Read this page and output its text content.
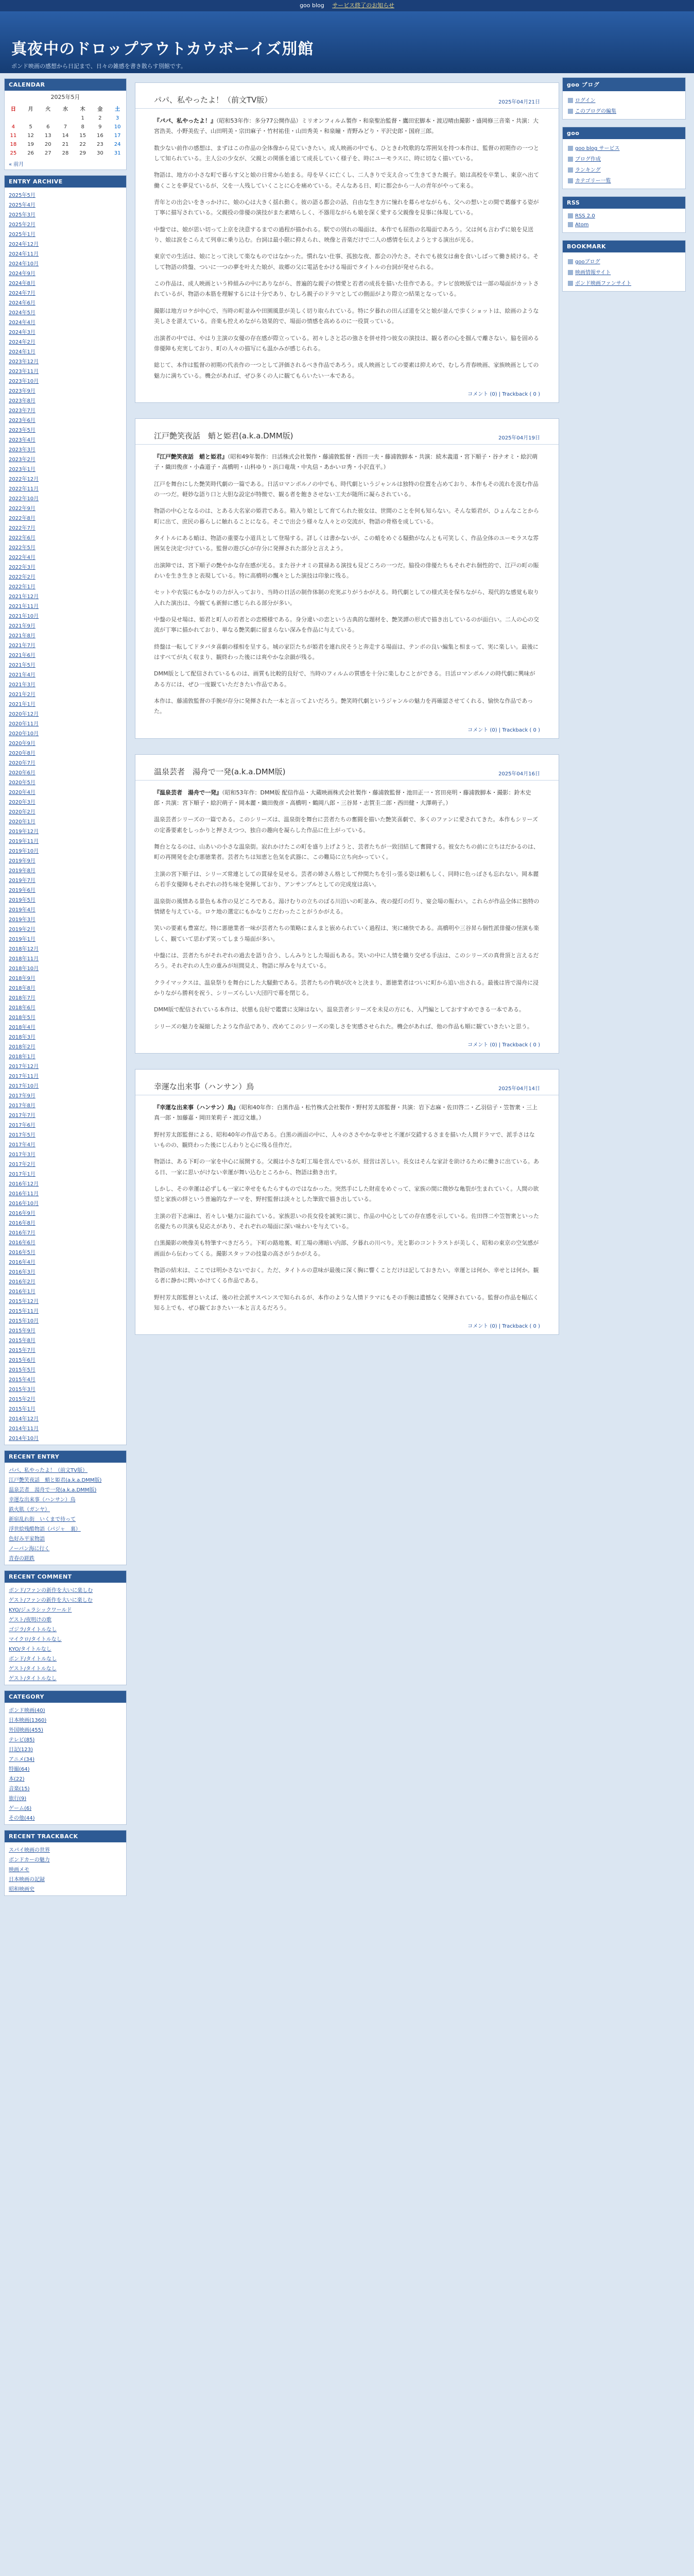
goo blog サービス終了のお知らせ
真夜中のドロップアウトカウボーイズ別館

ポンド映画の感想から日記まで、日々の雑感を書き散らす別館です。

CALENDAR
2025年5月
日	月	火	水	木	金	土
				1	2	3
4	5	6	7	8	9	10
11	12	13	14	15	16	17
18	19	20	21	22	23	24
25	26	27	28	29	30	31
« 前月
ENTRY ARCHIVE
2025年5月
2025年4月
2025年3月
2025年2月
2025年1月
2024年12月
2024年11月
2024年10月
2024年9月
2024年8月
2024年7月
2024年6月
2024年5月
2024年4月
2024年3月
2024年2月
2024年1月
2023年12月
2023年11月
2023年10月
2023年9月
2023年8月
2023年7月
2023年6月
2023年5月
2023年4月
2023年3月
2023年2月
2023年1月
2022年12月
2022年11月
2022年10月
2022年9月
2022年8月
2022年7月
2022年6月
2022年5月
2022年4月
2022年3月
2022年2月
2022年1月
2021年12月
2021年11月
2021年10月
2021年9月
2021年8月
2021年7月
2021年6月
2021年5月
2021年4月
2021年3月
2021年2月
2021年1月
2020年12月
2020年11月
2020年10月
2020年9月
2020年8月
2020年7月
2020年6月
2020年5月
2020年4月
2020年3月
2020年2月
2020年1月
2019年12月
2019年11月
2019年10月
2019年9月
2019年8月
2019年7月
2019年6月
2019年5月
2019年4月
2019年3月
2019年2月
2019年1月
2018年12月
2018年11月
2018年10月
2018年9月
2018年8月
2018年7月
2018年6月
2018年5月
2018年4月
2018年3月
2018年2月
2018年1月
2017年12月
2017年11月
2017年10月
2017年9月
2017年8月
2017年7月
2017年6月
2017年5月
2017年4月
2017年3月
2017年2月
2017年1月
2016年12月
2016年11月
2016年10月
2016年9月
2016年8月
2016年7月
2016年6月
2016年5月
2016年4月
2016年3月
2016年2月
2016年1月
2015年12月
2015年11月
2015年10月
2015年9月
2015年8月
2015年7月
2015年6月
2015年5月
2015年4月
2015年3月
2015年2月
2015年1月
2014年12月
2014年11月
2014年10月
RECENT ENTRY
パパ、私やったよ！（前文TV版）
江戸艶笑夜話　蛸と姫君(a.k.a.DMM版)
温泉芸者　湯舟で一発(a.k.a.DMM版)
幸運な出来事（ハンサン）鳥
鉄火肌（ガンヤ）
新宿乱れ街　いくまで待って
浮世絵残酷物語（パジャ　裏）
色好み平家物語
ノーパン海に行く
青春の蹉跌
RECENT COMMENT
ボンド/ファンの新作を大いに楽しむ
ゲスト/ファンの新作を大いに楽しむ
KYO/ジュラシックワールド
ゲスト/夜明けの歌
ゴジラ/タイトルなし
マイクロ/タイトルなし
KYO/タイトルなし
ボンド/タイトルなし
ゲスト/タイトルなし
ゲスト/タイトルなし
CATEGORY
ボンド映画(40)
日本映画(1360)
外国映画(455)
テレビ(85)
日記(123)
アニメ(34)
特撮(64)
本(22)
音楽(15)
旅行(9)
ゲーム(6)
その他(44)
RECENT TRACKBACK
スパイ映画の世界
ボンドカーの魅力
映画メモ
日本映画の記録
昭和映画史
パパ、私やったよ！（前文TV版）	2025年04月21日

『パパ、私やったよ！』（昭和53年作：多分77公開作品）ミリオンフィルム製作・和泉聖治監督・鷹田宏脚本・渡辺晴由撮影・盛岡修三音楽・共演：大宮浩美、小野美佐子、山田明美・宗田麻子・竹村祐佳・山田秀美・和泉瞳・青野みどり・平沢史郎・国府三郎。

数少ない前作の感想は、まずはこの作品の全体像から見ていきたい。成人映画の中でも、ひときわ牧歌的な雰囲気を持つ本作は、監督の初期作の一つとして知られている。主人公の少女が、父親との関係を通じて成長していく様子を、時にユーモラスに、時に切なく描いている。

物語は、地方の小さな町で暮らす父と娘の日常から始まる。母を早くに亡くし、二人きりで支え合って生きてきた親子。娘は高校を卒業し、東京へ出て働くことを夢見ているが、父を一人残していくことに心を痛めている。そんなある日、町に都会から一人の青年がやって来る。

青年との出会いをきっかけに、娘の心は大きく揺れ動く。彼の語る都会の話、自由な生き方に憧れを募らせながらも、父への想いとの間で葛藤する姿が丁寧に描写されている。父親役の俳優の演技がまた素晴らしく、不器用ながらも娘を深く愛する父親像を見事に体現している。

中盤では、娘が思い切って上京を決意するまでの過程が描かれる。駅での別れの場面は、本作でも屈指の名場面であろう。父は何も言わずに娘を見送り、娘は涙をこらえて列車に乗り込む。台詞は最小限に抑えられ、映像と音楽だけで二人の感情を伝えようとする演出が光る。

東京での生活は、娘にとって決して楽なものではなかった。慣れない仕事、孤独な夜、都会の冷たさ。それでも彼女は歯を食いしばって働き続ける。そして物語の終盤、ついに一つの夢を叶えた娘が、故郷の父に電話をかける場面でタイトルの台詞が発せられる。

この作品は、成人映画という枠組みの中にありながら、普遍的な親子の情愛と若者の成長を描いた佳作である。テレビ放映版では一部の場面がカットされているが、物語の本筋を理解するには十分であり、むしろ親子のドラマとしての側面がより際立つ結果となっている。

撮影は地方ロケが中心で、当時の町並みや田園風景が美しく切り取られている。特に夕暮れの田んぼ道を父と娘が並んで歩くショットは、絵画のような美しさを湛えている。音楽も控えめながら効果的で、場面の情感を高めるのに一役買っている。

出演者の中では、やはり主演の女優の存在感が際立っている。初々しさと芯の強さを併せ持つ彼女の演技は、観る者の心を掴んで離さない。脇を固める俳優陣も充実しており、町の人々の描写にも温かみが感じられる。

総じて、本作は監督の初期の代表作の一つとして評価されるべき作品であろう。成人映画としての要素は抑えめで、むしろ青春映画、家族映画としての魅力に満ちている。機会があれば、ぜひ多くの人に観てもらいたい一本である。

コメント (0) | Trackback ( 0 )
江戸艶笑夜話　蛸と姫君(a.k.a.DMM版)	2025年04月19日

『江戸艶笑夜話　蛸と姫君』（昭和49年製作：日活株式会社製作・藤浦敦監督・西田一夫・藤浦敦脚本・共演：続木義道・宮下順子・谷ナオミ・絵沢萌子・織田俊彦・小森道子・高橋明・山科ゆり・浜口竜哉・中丸信・あかいロ秀・小沢直平。）

江戸を舞台にした艶笑時代劇の一篇である。日活ロマンポルノの中でも、時代劇というジャンルは独特の位置を占めており、本作もその流れを汲む作品の一つだ。軽妙な語り口と大胆な設定が特徴で、観る者を飽きさせない工夫が随所に凝らされている。

物語の中心となるのは、とある大名家の姫君である。箱入り娘として育てられた彼女は、世間のことを何も知らない。そんな姫君が、ひょんなことから町に出て、庶民の暮らしに触れることになる。そこで出会う様々な人々との交流が、物語の骨格を成している。

タイトルにある蛸は、物語の重要な小道具として登場する。詳しくは書かないが、この蛸をめぐる騒動がなんとも可笑しく、作品全体のユーモラスな雰囲気を決定づけている。監督の遊び心が存分に発揮された部分と言えよう。

出演陣では、宮下順子の艶やかな存在感が光る。また谷ナオミの貫禄ある演技も見どころの一つだ。脇役の俳優たちもそれぞれ個性的で、江戸の町の賑わいを生き生きと表現している。特に高橋明の飄々とした演技は印象に残る。

セットや衣装にもかなりの力が入っており、当時の日活の制作体制の充実ぶりがうかがえる。時代劇としての様式美を保ちながら、現代的な感覚も取り入れた演出は、今観ても新鮮に感じられる部分が多い。

中盤の見せ場は、姫君と町人の若者との恋模様である。身分違いの恋という古典的な題材を、艶笑譚の形式で描き出しているのが面白い。二人の心の交流が丁寧に描かれており、単なる艶笑劇に留まらない深みを作品に与えている。

終盤は一転してドタバタ喜劇の様相を呈する。城の家臣たちが姫君を連れ戻そうと奔走する場面は、テンポの良い編集と相まって、実に楽しい。最後にはすべてが丸く収まり、観終わった後には爽やかな余韻が残る。

DMM版として配信されているものは、画質も比較的良好で、当時のフィルムの質感を十分に楽しむことができる。日活ロマンポルノの時代劇に興味がある方には、ぜひ一度観ていただきたい作品である。

本作は、藤浦敦監督の手腕が存分に発揮された一本と言ってよいだろう。艶笑時代劇というジャンルの魅力を再確認させてくれる、愉快な作品であった。

コメント (0) | Trackback ( 0 )
温泉芸者　湯舟で一発(a.k.a.DMM版)	2025年04月16日

『温泉芸者　湯舟で一発』（昭和53年作：DMM版 配信作品・大蔵映画株式会社製作・藤浦敦監督・池田正一・宮田亮明・藤浦敦脚本・撮影：鈴木史郎・共演：宮下順子・絵沢萌子・岡本麗・織田俊彦・高橋明・鶴岡八郎・三谷昇・志賀圭二郎・西田健・大澤萌子。）

温泉芸者シリーズの一篇である。このシリーズは、温泉街を舞台に芸者たちの奮闘を描いた艶笑喜劇で、多くのファンに愛されてきた。本作もシリーズの定番要素をしっかりと押さえつつ、独自の趣向を凝らした作品に仕上がっている。

舞台となるのは、山あいの小さな温泉街。寂れかけたこの町を盛り上げようと、芸者たちが一致団結して奮闘する。彼女たちの前に立ちはだかるのは、町の再開発を企む悪徳業者。芸者たちは知恵と色気を武器に、この難局に立ち向かっていく。

主演の宮下順子は、シリーズ常連としての貫禄を見せる。芸者の姉さん格として仲間たちを引っ張る姿は頼もしく、同時に色っぽさも忘れない。岡本麗ら若手女優陣もそれぞれの持ち味を発揮しており、アンサンブルとしての完成度は高い。

温泉街の風情ある景色も本作の見どころである。湯けむりの立ちのぼる川沿いの町並み、夜の提灯の灯り、宴会場の賑わい。これらが作品全体に独特の情緒を与えている。ロケ地の選定にもかなりこだわったことがうかがえる。

笑いの要素も豊富だ。特に悪徳業者一味が芸者たちの策略にまんまと嵌められていく過程は、実に痛快である。高橋明や三谷昇ら個性派俳優の怪演も楽しく、観ていて思わず笑ってしまう場面が多い。

中盤には、芸者たちがそれぞれの過去を語り合う、しんみりとした場面もある。笑いの中に人情を織り交ぜる手法は、このシリーズの真骨頂と言えるだろう。それぞれの人生の重みが垣間見え、物語に厚みを与えている。

クライマックスは、温泉祭りを舞台にした大騒動である。芸者たちの作戦が次々と決まり、悪徳業者はついに町から追い出される。最後は皆で湯舟に浸かりながら勝利を祝う、シリーズらしい大団円で幕を閉じる。

DMM版で配信されている本作は、状態も良好で鑑賞に支障はない。温泉芸者シリーズを未見の方にも、入門編としておすすめできる一本である。

シリーズの魅力を凝縮したような作品であり、改めてこのシリーズの楽しさを実感させられた。機会があれば、他の作品も順に観ていきたいと思う。

コメント (0) | Trackback ( 0 )
幸運な出来事（ハンサン）鳥	2025年04月14日

『幸運な出来事（ハンサン）鳥』（昭和40年作：白黒作品・松竹株式会社製作・野村芳太郎監督・共演：岩下志麻・佐田啓二・乙羽信子・笠智衆・三上真一郎・加藤嘉・岡田茉莉子・渡辺文雄。）

野村芳太郎監督による、昭和40年の作品である。白黒の画面の中に、人々のささやかな幸せと不運が交錯するさまを描いた人間ドラマで、派手さはないものの、観終わった後にじんわりと心に残る佳作だ。

物語は、ある下町の一家を中心に展開する。父親は小さな町工場を営んでいるが、経営は苦しい。長女はそんな家計を助けるために働きに出ている。ある日、一家に思いがけない幸運が舞い込むところから、物語は動き出す。

しかし、その幸運は必ずしも一家に幸せをもたらすものではなかった。突然手にした財産をめぐって、家族の間に微妙な亀裂が生まれていく。人間の欲望と家族の絆という普遍的なテーマを、野村監督は淡々とした筆致で描き出している。

主演の岩下志麻は、若々しい魅力に溢れている。家族思いの長女役を誠実に演じ、作品の中心としての存在感を示している。佐田啓二や笠智衆といった名優たちの共演も見応えがあり、それぞれの場面に深い味わいを与えている。

白黒撮影の映像美も特筆すべきだろう。下町の路地裏、町工場の薄暗い内部、夕暮れの川べり。光と影のコントラストが美しく、昭和の東京の空気感が画面から伝わってくる。撮影スタッフの技量の高さがうかがえる。

物語の結末は、ここでは明かさないでおく。ただ、タイトルの意味が最後に深く胸に響くことだけは記しておきたい。幸運とは何か、幸せとは何か。観る者に静かに問いかけてくる作品である。

野村芳太郎監督といえば、後の社会派サスペンスで知られるが、本作のような人情ドラマにもその手腕は遺憾なく発揮されている。監督の作品を幅広く知る上でも、ぜひ観ておきたい一本と言えるだろう。

コメント (0) | Trackback ( 0 )
goo ブログ
ログイン
このブログの編集
goo
goo blog サービス
ブログ作成
ランキング
カテゴリー一覧
RSS
RSS 2.0
Atom
BOOKMARK
gooブログ
映画情報サイト
ボンド映画ファンサイト
